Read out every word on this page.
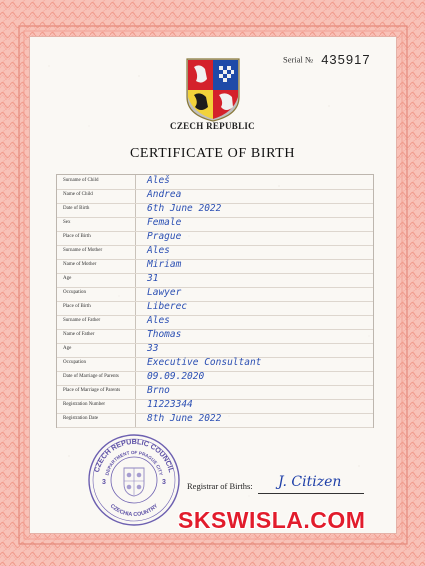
Serial № 435917
CZECH REPUBLIC
CERTIFICATE OF BIRTH
Surname of Child	Alеš
Name of Child	Andrea
Date of Birth	6th June 2022
Sex	Female
Place of Birth	Prague
Surname of Mother	Ales
Name of Mother	Miriam
Age	31
Occupation	Lawyer
Place of Birth	Liberec
Surname of Father	Ales
Name of Father	Thomas
Age	33
Occupation	Executive Consultant
Date of Marriage of Parents	09.09.2020
Place of Marriage of Parents	Brno
Registration Number	11223344
Registration Date	8th June 2022
CZECH REPUBLIC COUNCIL
DEPARTMENT OF PRAGUE CITY
CZECHIA COUNTRY
3	3 Registrar of Births: J. Citizen
SKSWISLA.COM
